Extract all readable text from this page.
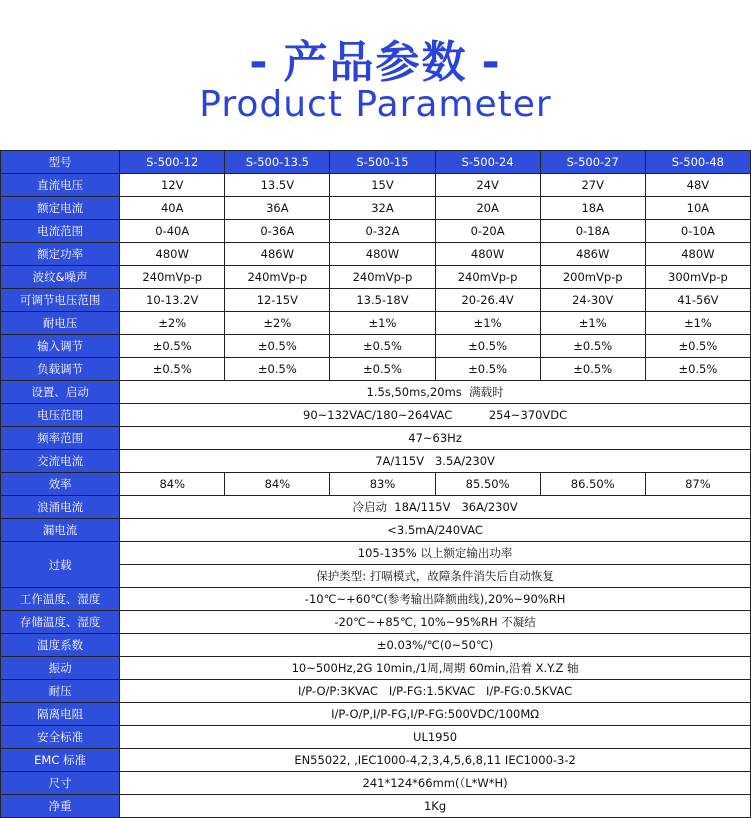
- 产品参数 -
Product Parameter
型号	S-500-12	S-500-13.5	S-500-15	S-500-24	S-500-27	S-500-48
直流电压	12V	13.5V	15V	24V	27V	48V
额定电流	40A	36A	32A	20A	18A	10A
电流范围	0-40A	0-36A	0-32A	0-20A	0-18A	0-10A
额定功率	480W	486W	480W	480W	486W	480W
波纹&噪声	240mVp-p	240mVp-p	240mVp-p	240mVp-p	200mVp-p	300mVp-p
可调节电压范围	10-13.2V	12-15V	13.5-18V	20-26.4V	24-30V	41-56V
耐电压	±2%	±2%	±1%	±1%	±1%	±1%
输入调节	±0.5%	±0.5%	±0.5%	±0.5%	±0.5%	±0.5%
负载调节	±0.5%	±0.5%	±0.5%	±0.5%	±0.5%	±0.5%
设置、启动	1.5s,50ms,20ms  满载时					
电压范围	90~132VAC/180~264VAC          254~370VDC					
频率范围	47~63Hz					
交流电流	7A/115V   3.5A/230V					
效率	84%	84%	83%	85.50%	86.50%	87%
浪涌电流	冷启动  18A/115V   36A/230V					
漏电流	<3.5mA/240VAC					
过载	105-135% 以上额定输出功率					
	保护类型: 打嗝模式，故障条件消失后自动恢复					
工作温度、湿度	-10℃~+60℃(参考输出降额曲线),20%~90%RH					
存储温度、湿度	-20℃~+85℃, 10%~95%RH 不凝结					
温度系数	±0.03%/℃(0~50℃)					
振动	10~500Hz,2G 10min,/1周,周期 60min,沿着 X.Y.Z 轴					
耐压	I/P-O/P:3KVAC   I/P-FG:1.5KVAC   I/P-FG:0.5KVAC					
隔离电阻	I/P-O/P,I/P-FG,I/P-FG:500VDC/100MΩ					
安全标准	UL1950					
EMC 标准	EN55022, ,IEC1000-4,2,3,4,5,6,8,11 IEC1000-3-2					
尺寸	241*124*66mm(（L*W*H)					
净重	1Kg					
